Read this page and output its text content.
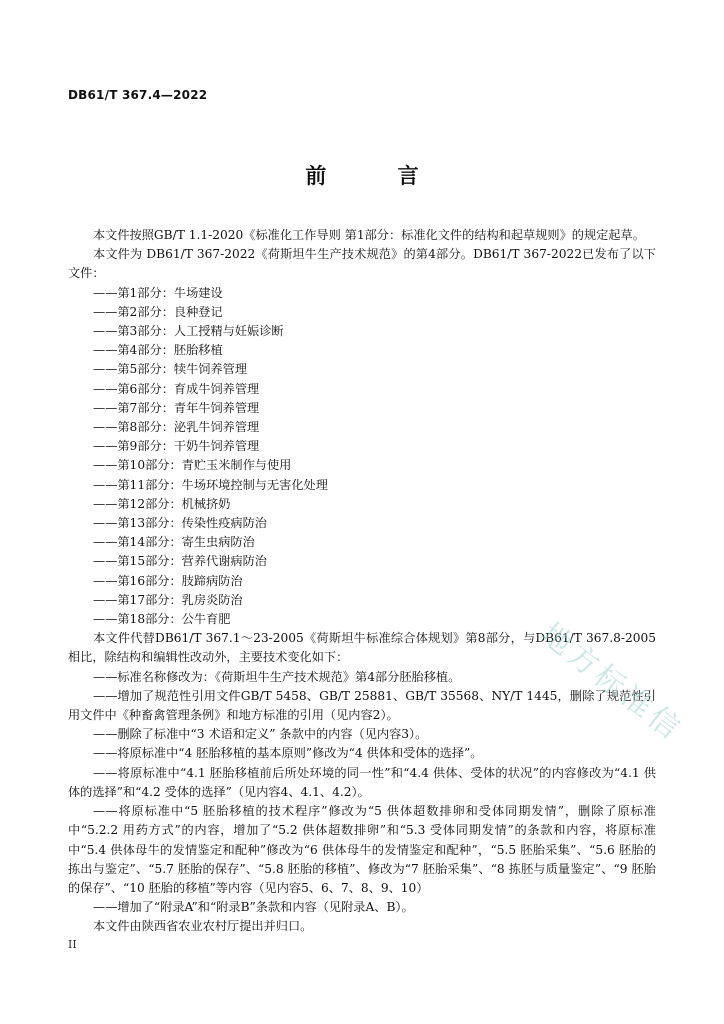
DB61/T 367.4—2022
前 言

本文件按照GB/T 1.1-2020《标准化工作导则 第1部分：标准化文件的结构和起草规则》的规定起草。

本文件为 DB61/T 367-2022《荷斯坦牛生产技术规范》的第4部分。DB61/T 367-2022已发布了以下文件：

——第1部分：牛场建设

——第2部分：良种登记

——第3部分：人工授精与妊娠诊断

——第4部分：胚胎移植

——第5部分：犊牛饲养管理

——第6部分：育成牛饲养管理

——第7部分：青年牛饲养管理

——第8部分：泌乳牛饲养管理

——第9部分：干奶牛饲养管理

——第10部分：青贮玉米制作与使用

——第11部分：牛场环境控制与无害化处理

——第12部分：机械挤奶

——第13部分：传染性疫病防治

——第14部分：寄生虫病防治

——第15部分：营养代谢病防治

——第16部分：肢蹄病防治

——第17部分：乳房炎防治

——第18部分：公牛育肥

本文件代替DB61/T 367.1～23-2005《荷斯坦牛标准综合体规划》第8部分，与DB61/T 367.8-2005相比，除结构和编辑性改动外，主要技术变化如下：

——标准名称修改为：《荷斯坦牛生产技术规范》第4部分胚胎移植。

——增加了规范性引用文件GB/T 5458、GB/T 25881、GB/T 35568、NY/T 1445，删除了规范性引用文件中《种畜禽管理条例》和地方标准的引用（见内容2）。

——删除了标准中“3 术语和定义” 条款中的内容（见内容3）。

——将原标准中“4 胚胎移植的基本原则”修改为“4 供体和受体的选择”。

——将原标准中“4.1 胚胎移植前后所处环境的同一性”和“4.4 供体、受体的状况”的内容修改为“4.1 供体的选择”和“4.2 受体的选择”（见内容4、4.1、4.2）。

——将原标准中“5 胚胎移植的技术程序”修改为“5 供体超数排卵和受体同期发情”，删除了原标准中“5.2.2 用药方式”的内容，增加了“5.2 供体超数排卵”和“5.3 受体同期发情”的条款和内容，将原标准中“5.4 供体母牛的发情鉴定和配种”修改为“6 供体母牛的发情鉴定和配种”，“5.5 胚胎采集”、“5.6 胚胎的拣出与鉴定”、“5.7 胚胎的保存”、“5.8 胚胎的移植”、修改为“7 胚胎采集”、“8 拣胚与质量鉴定”、“9 胚胎的保存”、“10 胚胎的移植”等内容（见内容5、6、7、8、9、10）

——增加了“附录A”和“附录B”条款和内容（见附录A、B）。

本文件由陕西省农业农村厅提出并归口。

地方标准信
II
